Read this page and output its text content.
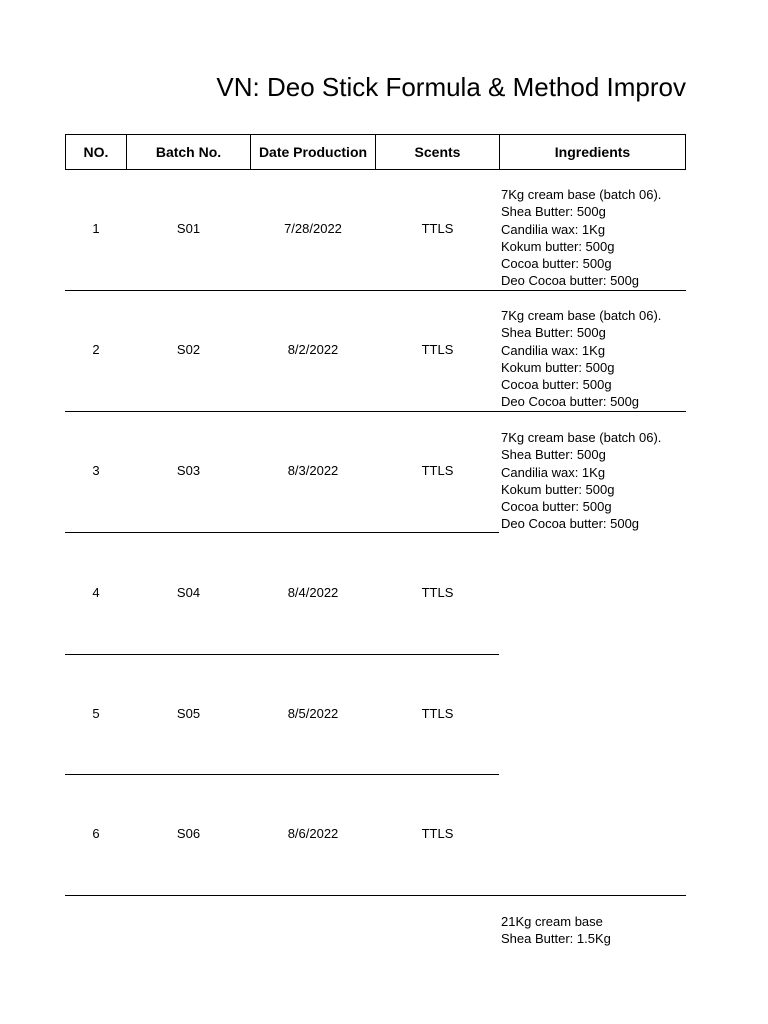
VN: Deo Stick Formula & Method Improv
NO.	Batch No.	Date Production	Scents	Ingredients
1	S01	7/28/2022	TTLS
7Kg cream base (batch 06).
Shea Butter: 500g
Candilia wax: 1Kg
Kokum butter: 500g
Cocoa butter: 500g
Deo Cocoa butter: 500g
2	S02	8/2/2022	TTLS
7Kg cream base (batch 06).
Shea Butter: 500g
Candilia wax: 1Kg
Kokum butter: 500g
Cocoa butter: 500g
Deo Cocoa butter: 500g
3	S03	8/3/2022	TTLS
7Kg cream base (batch 06).
Shea Butter: 500g
Candilia wax: 1Kg
Kokum butter: 500g
Cocoa butter: 500g
Deo Cocoa butter: 500g
4	S04	8/4/2022	TTLS
5	S05	8/5/2022	TTLS
6	S06	8/6/2022	TTLS
21Kg cream base
Shea Butter: 1.5Kg
